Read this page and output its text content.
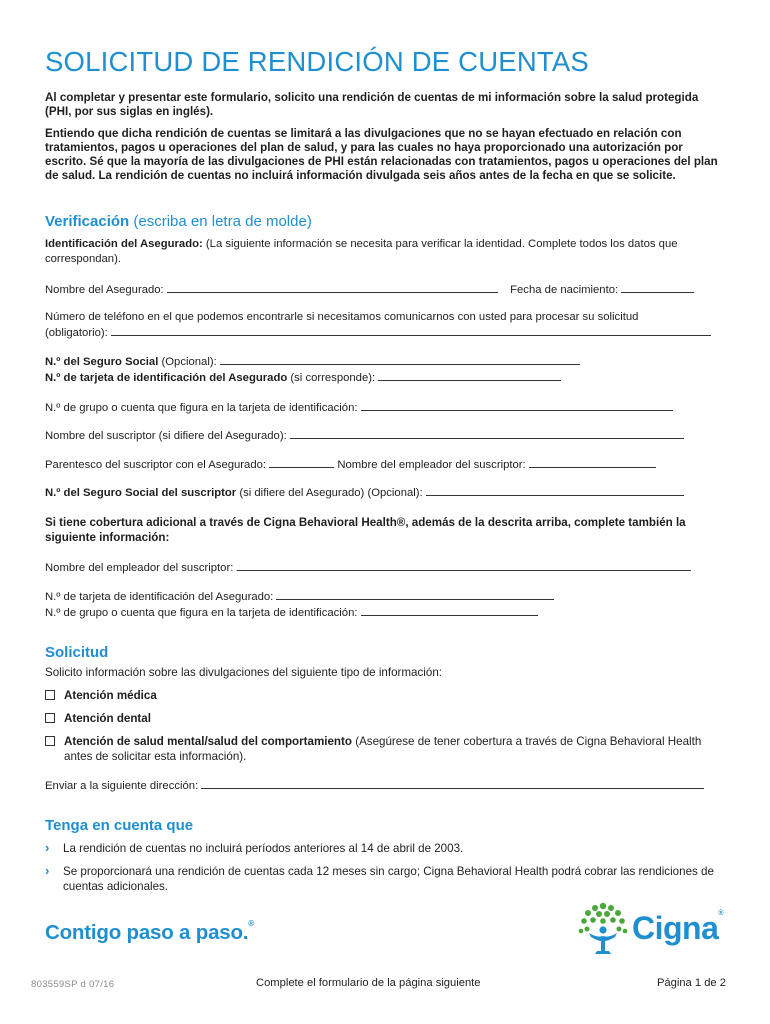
SOLICITUD DE RENDICIÓN DE CUENTAS

Al completar y presentar este formulario, solicito una rendición de cuentas de mi información sobre la salud protegida (PHI, por sus siglas en inglés).

Entiendo que dicha rendición de cuentas se limitará a las divulgaciones que no se hayan efectuado en relación con tratamientos, pagos u operaciones del plan de salud, y para las cuales no haya proporcionado una autorización por escrito. Sé que la mayoría de las divulgaciones de PHI están relacionadas con tratamientos, pagos u operaciones del plan de salud. La rendición de cuentas no incluirá información divulgada seis años antes de la fecha en que se solicite.

Verificación (escriba en letra de molde)
Identificación del Asegurado: (La siguiente información se necesita para verificar la identidad. Complete todos los datos que correspondan).
Nombre del Asegurado:	Fecha de nacimiento:
Número de teléfono en el que podemos encontrarle si necesitamos comunicarnos con usted para procesar su solicitud
(obligatorio):
N.º del Seguro Social (Opcional):
N.º de tarjeta de identificación del Asegurado (si corresponde):
N.º de grupo o cuenta que figura en la tarjeta de identificación:
Nombre del suscriptor (si difiere del Asegurado):
Parentesco del suscriptor con el Asegurado:	Nombre del empleador del suscriptor:
N.º del Seguro Social del suscriptor (si difiere del Asegurado) (Opcional):
Si tiene cobertura adicional a través de Cigna Behavioral Health®, además de la descrita arriba, complete también la siguiente información:
Nombre del empleador del suscriptor:
N.º de tarjeta de identificación del Asegurado:
N.º de grupo o cuenta que figura en la tarjeta de identificación:
Solicitud
Solicito información sobre las divulgaciones del siguiente tipo de información:
Atención médica
Atención dental
Atención de salud mental/salud del comportamiento (Asegúrese de tener cobertura a través de Cigna Behavioral Health antes de solicitar esta información).
Enviar a la siguiente dirección:
Tenga en cuenta que
› La rendición de cuentas no incluirá períodos anteriores al 14 de abril de 2003.
› Se proporcionará una rendición de cuentas cada 12 meses sin cargo; Cigna Behavioral Health podrá cobrar las rendiciones de cuentas adicionales.
Contigo paso a paso.®	Cigna®
803559SP d 07/16	Complete el formulario de la página siguiente	Página 1 de 2
